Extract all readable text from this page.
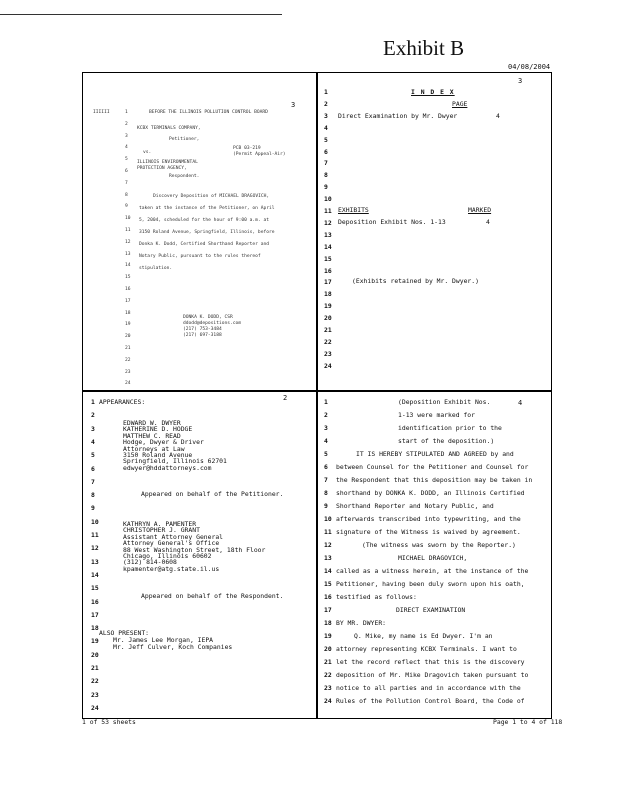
Exhibit B
04/08/2004
3
IIIIII	1
2
3
4
5
6
7
8
9
10
11
12
13
14
15
16
17
18
19
20
21
22
23
24
BEFORE THE ILLINOIS POLLUTION CONTROL BOARD
KCBX TERMINALS COMPANY,
Petitioner,
vs.
PCB 03-219
(Permit Appeal-Air)
ILLINOIS ENVIRONMENTAL
PROTECTION AGENCY,
Respondent.
Discovery Deposition of MICHAEL DRAGOVICH,
taken at the instance of the Petitioner, on April
5, 2004, scheduled for the hour of 9:00 a.m. at
3150 Roland Avenue, Springfield, Illinois, before
Donka K. Dodd, Certified Shorthand Reporter and
Notary Public, pursuant to the rules thereof
stipulation.
DONKA K. DODD, CSR
ddodd@depositions.com
(217) 753-3484
(217) 697-3188
3
1
2
3
4
5
6
7
8
9
10
11
12
13
14
15
16
17
18
19
20
21
22
23
24
I N D E X
PAGE
Direct Examination by Mr. Dwyer	4
EXHIBITS	MARKED
Deposition Exhibit Nos. 1-13	4
(Exhibits retained by Mr. Dwyer.)
2
1
2
3
4
5
6
7
8
9
10
11
12
13
14
15
16
17
18
19
20
21
22
23
24
APPEARANCES:
EDWARD W. DWYER
KATHERINE D. HODGE
MATTHEW C. READ
Hodge, Dwyer & Driver
Attorneys at Law
3150 Roland Avenue
Springfield, Illinois 62701
edwyer@hddattorneys.com
Appeared on behalf of the Petitioner.
KATHRYN A. PAMENTER
CHRISTOPHER J. GRANT
Assistant Attorney General
Attorney General's Office
88 West Washington Street, 18th Floor
Chicago, Illinois 60602
(312) 814-0608
kpamenter@atg.state.il.us
Appeared on behalf of the Respondent.
ALSO PRESENT:
Mr. James Lee Morgan, IEPA
Mr. Jeff Culver, Koch Companies
4
1
2
3
4
5
6
7
8
9
10
11
12
13
14
15
16
17
18
19
20
21
22
23
24
(Deposition Exhibit Nos.
1-13 were marked for
identification prior to the
start of the deposition.)
IT IS HEREBY STIPULATED AND AGREED by and
between Counsel for the Petitioner and Counsel for
the Respondent that this deposition may be taken in
shorthand by DONKA K. DODD, an Illinois Certified
Shorthand Reporter and Notary Public, and
afterwards transcribed into typewriting, and the
signature of the Witness is waived by agreement.
(The witness was sworn by the Reporter.)
MICHAEL DRAGOVICH,
called as a witness herein, at the instance of the
Petitioner, having been duly sworn upon his oath,
testified as follows:
DIRECT EXAMINATION
BY MR. DWYER:
Q. Mike, my name is Ed Dwyer. I'm an
attorney representing KCBX Terminals. I want to
let the record reflect that this is the discovery
deposition of Mr. Mike Dragovich taken pursuant to
notice to all parties and in accordance with the
Rules of the Pollution Control Board, the Code of
1 of 53 sheets	Page 1 to 4 of 118
